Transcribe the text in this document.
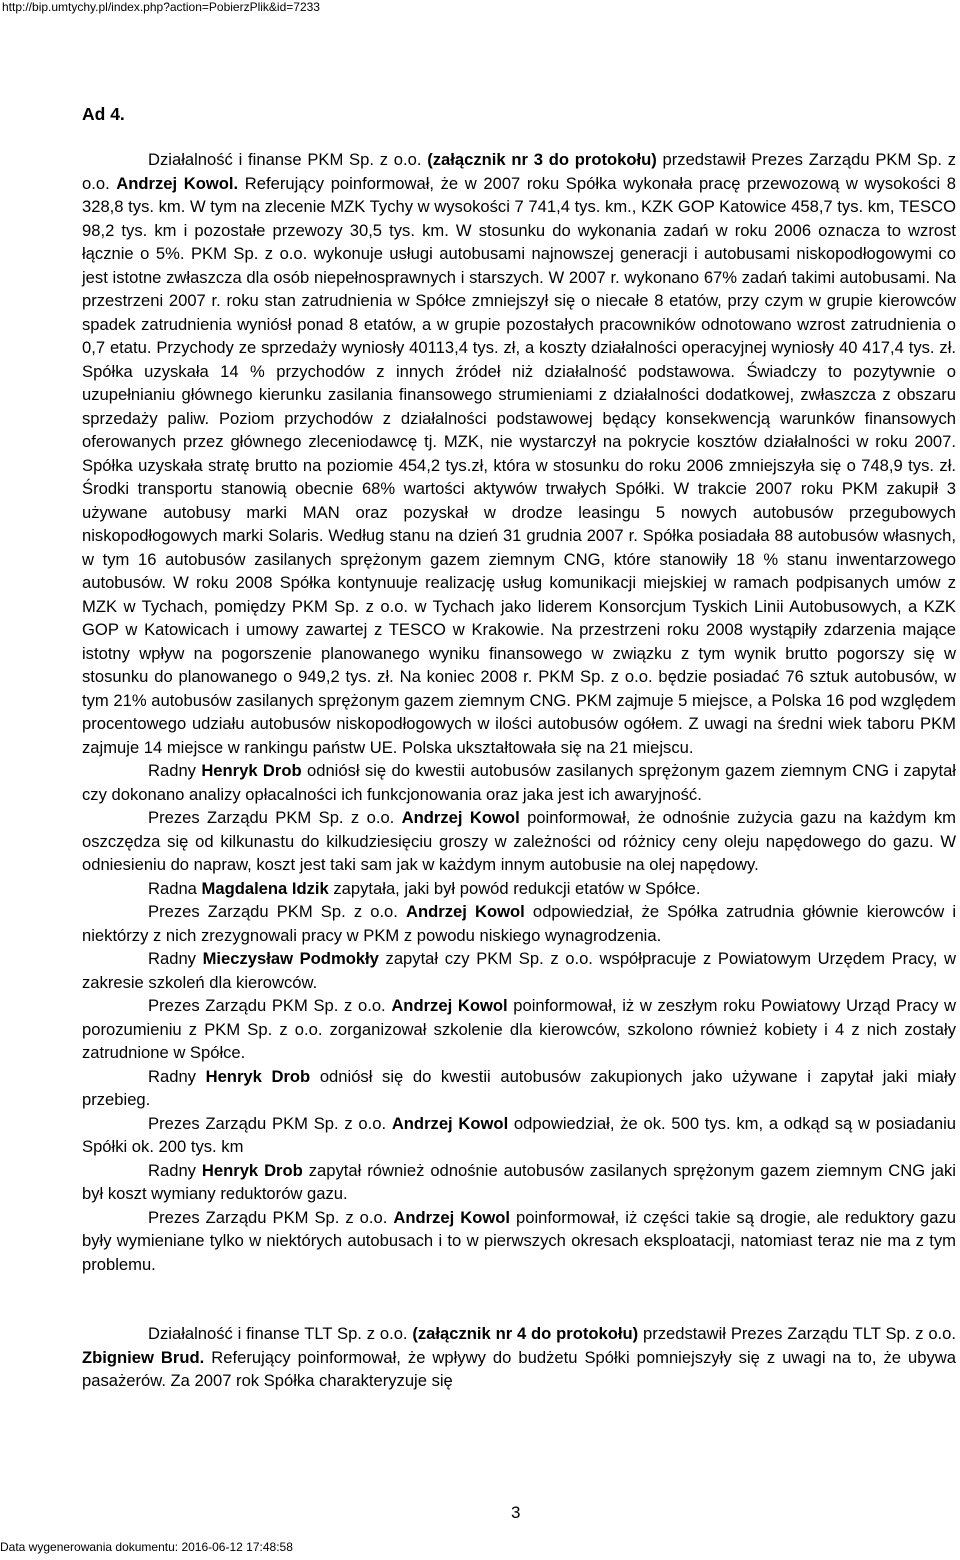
http://bip.umtychy.pl/index.php?action=PobierzPlik&id=7233
Ad 4.

Działalność i finanse PKM Sp. z o.o. (załącznik nr 3 do protokołu) przedstawił Prezes Zarządu PKM Sp. z o.o. Andrzej Kowol. Referujący poinformował, że w 2007 roku Spółka wykonała pracę przewozową w wysokości 8 328,8 tys. km. W tym na zlecenie MZK Tychy w wysokości 7 741,4 tys. km., KZK GOP Katowice 458,7 tys. km, TESCO 98,2 tys. km i pozostałe przewozy 30,5 tys. km. W stosunku do wykonania zadań w roku 2006 oznacza to wzrost łącznie o 5%. PKM Sp. z o.o. wykonuje usługi autobusami najnowszej generacji i autobusami niskopodłogowymi co jest istotne zwłaszcza dla osób niepełnosprawnych i starszych. W 2007 r. wykonano 67% zadań takimi autobusami. Na przestrzeni 2007 r. roku stan zatrudnienia w Spółce zmniejszył się o niecałe 8 etatów, przy czym w grupie kierowców spadek zatrudnienia wyniósł ponad 8 etatów, a w grupie pozostałych pracowników odnotowano wzrost zatrudnienia o 0,7 etatu. Przychody ze sprzedaży wyniosły 40113,4 tys. zł, a koszty działalności operacyjnej wyniosły 40 417,4 tys. zł. Spółka uzyskała 14 % przychodów z innych źródeł niż działalność podstawowa. Świadczy to pozytywnie o uzupełnianiu głównego kierunku zasilania finansowego strumieniami z działalności dodatkowej, zwłaszcza z obszaru sprzedaży paliw. Poziom przychodów z działalności podstawowej będący konsekwencją warunków finansowych oferowanych przez głównego zleceniodawcę tj. MZK, nie wystarczył na pokrycie kosztów działalności w roku 2007. Spółka uzyskała stratę brutto na poziomie 454,2 tys.zł, która w stosunku do roku 2006 zmniejszyła się o 748,9 tys. zł. Środki transportu stanowią obecnie 68% wartości aktywów trwałych Spółki. W trakcie 2007 roku PKM zakupił 3 używane autobusy marki MAN oraz pozyskał w drodze leasingu 5 nowych autobusów przegubowych niskopodłogowych marki Solaris. Według stanu na dzień 31 grudnia 2007 r. Spółka posiadała 88 autobusów własnych, w tym 16 autobusów zasilanych sprężonym gazem ziemnym CNG, które stanowiły 18 % stanu inwentarzowego autobusów. W roku 2008 Spółka kontynuuje realizację usług komunikacji miejskiej w ramach podpisanych umów z MZK w Tychach, pomiędzy PKM Sp. z o.o. w Tychach jako liderem Konsorcjum Tyskich Linii Autobusowych, a KZK GOP w Katowicach i umowy zawartej z TESCO w Krakowie. Na przestrzeni roku 2008 wystąpiły zdarzenia mające istotny wpływ na pogorszenie planowanego wyniku finansowego w związku z tym wynik brutto pogorszy się w stosunku do planowanego o 949,2 tys. zł. Na koniec 2008 r. PKM Sp. z o.o. będzie posiadać 76 sztuk autobusów, w tym 21% autobusów zasilanych sprężonym gazem ziemnym CNG. PKM zajmuje 5 miejsce, a Polska 16 pod względem procentowego udziału autobusów niskopodłogowych w ilości autobusów ogółem. Z uwagi na średni wiek taboru PKM zajmuje 14 miejsce w rankingu państw UE. Polska ukształtowała się na 21 miejscu.

Radny Henryk Drob odniósł się do kwestii autobusów zasilanych sprężonym gazem ziemnym CNG i zapytał czy dokonano analizy opłacalności ich funkcjonowania oraz jaka jest ich awaryjność.

Prezes Zarządu PKM Sp. z o.o. Andrzej Kowol poinformował, że odnośnie zużycia gazu na każdym km oszczędza się od kilkunastu do kilkudziesięciu groszy w zależności od różnicy ceny oleju napędowego do gazu. W odniesieniu do napraw, koszt jest taki sam jak w każdym innym autobusie na olej napędowy.

Radna Magdalena Idzik zapytała, jaki był powód redukcji etatów w Spółce.

Prezes Zarządu PKM Sp. z o.o. Andrzej Kowol odpowiedział, że Spółka zatrudnia głównie kierowców i niektórzy z nich zrezygnowali pracy w PKM z powodu niskiego wynagrodzenia.

Radny Mieczysław Podmokły zapytał czy PKM Sp. z o.o. współpracuje z Powiatowym Urzędem Pracy, w zakresie szkoleń dla kierowców.

Prezes Zarządu PKM Sp. z o.o. Andrzej Kowol poinformował, iż w zeszłym roku Powiatowy Urząd Pracy w porozumieniu z PKM Sp. z o.o. zorganizował szkolenie dla kierowców, szkolono również kobiety i 4 z nich zostały zatrudnione w Spółce.

Radny Henryk Drob odniósł się do kwestii autobusów zakupionych jako używane i zapytał jaki miały przebieg.

Prezes Zarządu PKM Sp. z o.o. Andrzej Kowol odpowiedział, że ok. 500 tys. km, a odkąd są w posiadaniu Spółki ok. 200 tys. km

Radny Henryk Drob zapytał również odnośnie autobusów zasilanych sprężonym gazem ziemnym CNG jaki był koszt wymiany reduktorów gazu.

Prezes Zarządu PKM Sp. z o.o. Andrzej Kowol poinformował, iż części takie są drogie, ale reduktory gazu były wymieniane tylko w niektórych autobusach i to w pierwszych okresach eksploatacji, natomiast teraz nie ma z tym problemu.

Działalność i finanse TLT Sp. z o.o. (załącznik nr 4 do protokołu) przedstawił Prezes Zarządu TLT Sp. z o.o. Zbigniew Brud. Referujący poinformował, że wpływy do budżetu Spółki pomniejszyły się z uwagi na to, że ubywa pasażerów. Za 2007 rok Spółka charakteryzuje się

3
Data wygenerowania dokumentu: 2016-06-12 17:48:58
